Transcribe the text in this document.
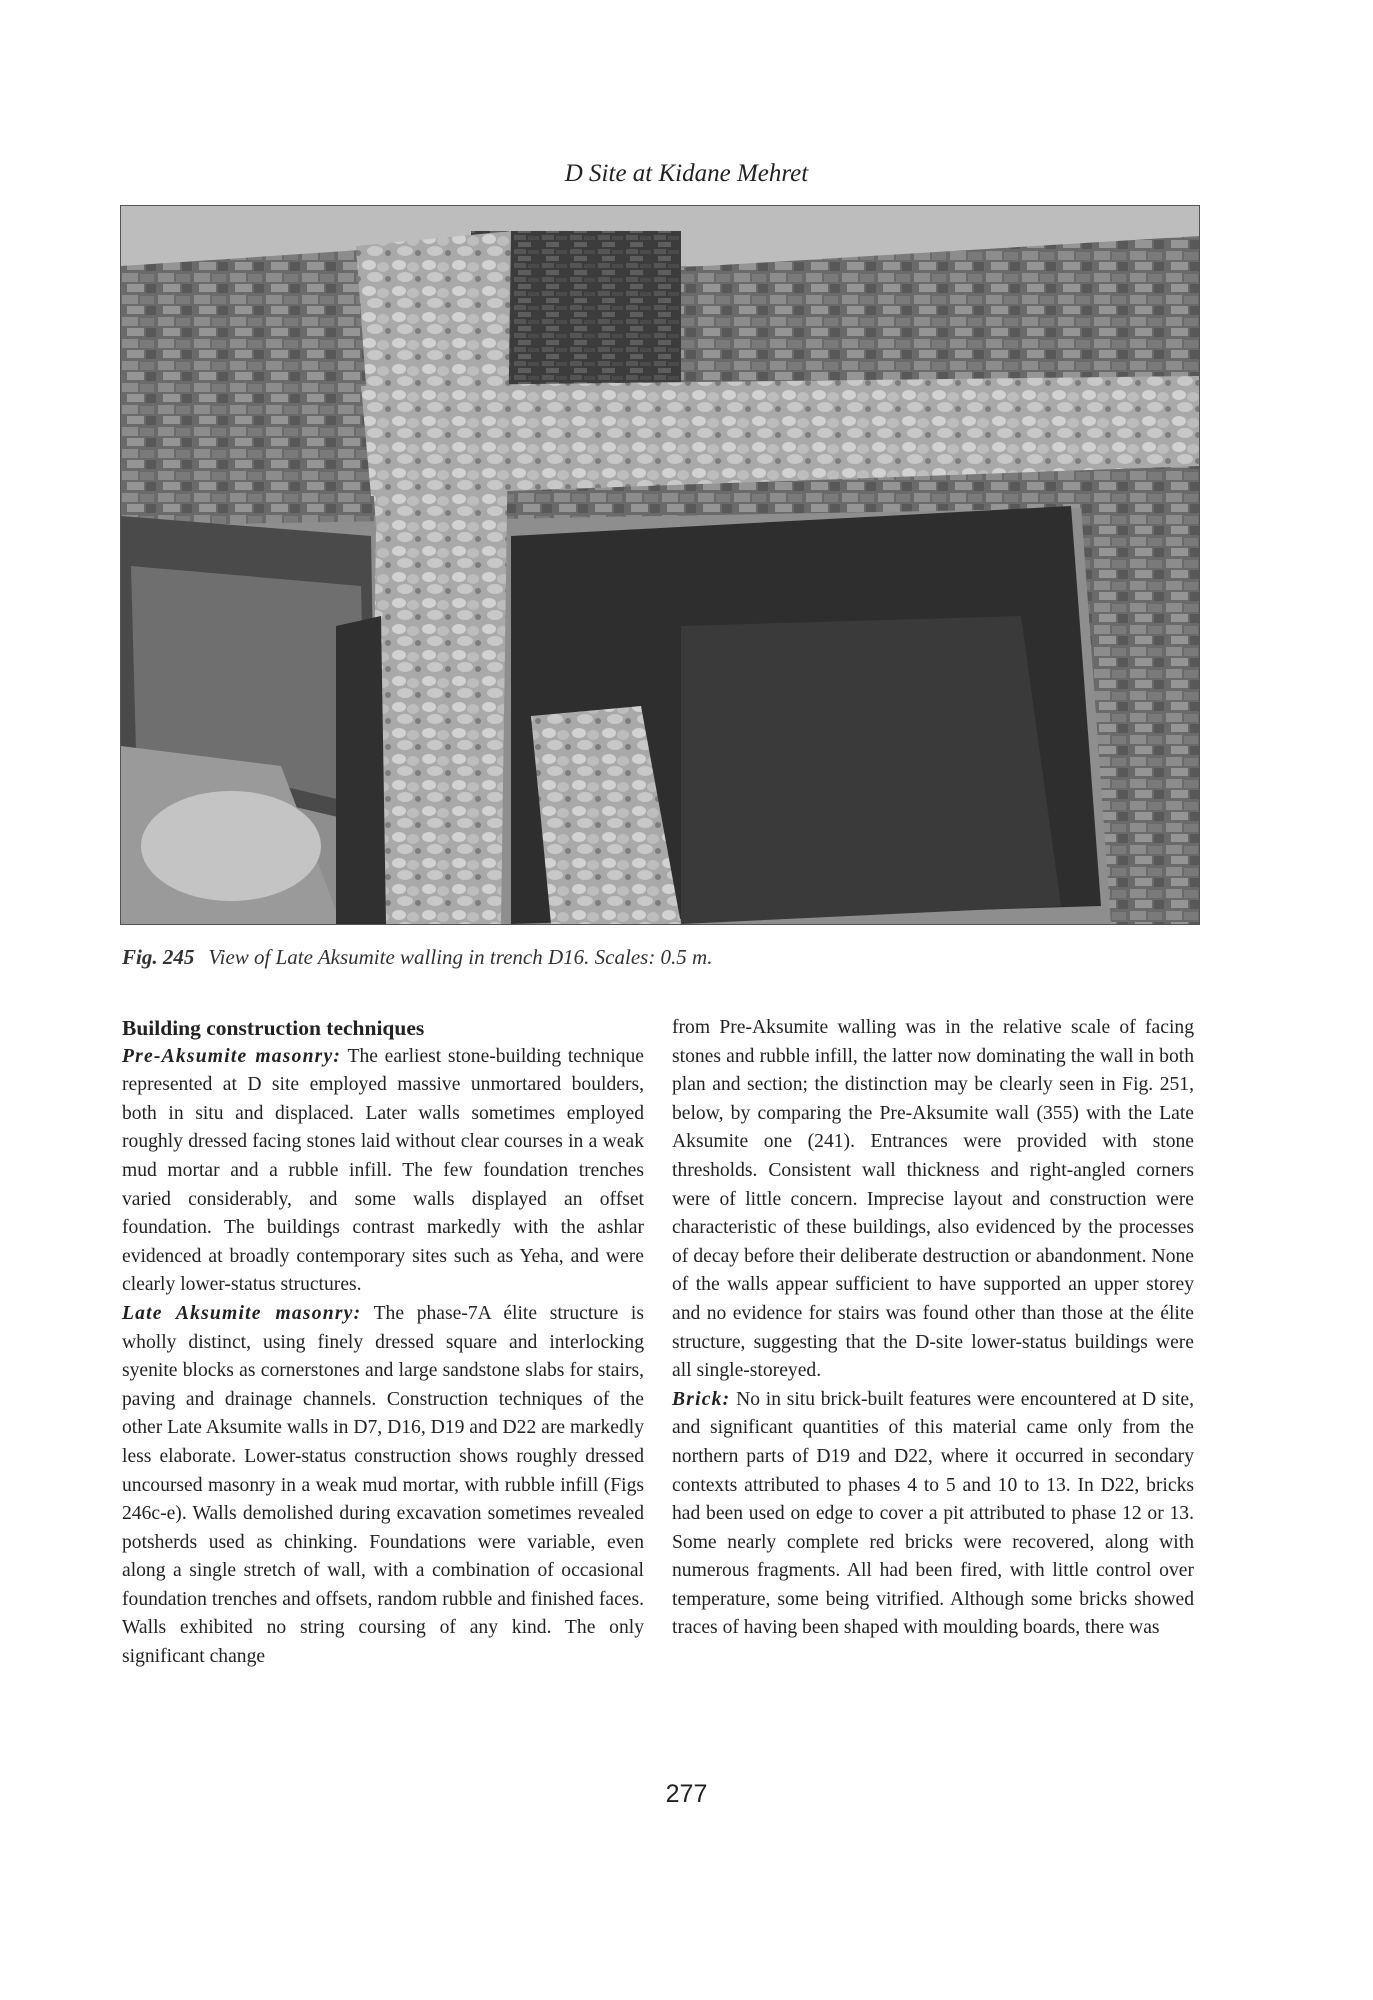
D Site at Kidane Mehret
Fig. 245 View of Late Aksumite walling in trench D16. Scales: 0.5 m.

Building construction techniques

Pre-Aksumite masonry: The earliest stone-building technique represented at D site employed massive unmortared boulders, both in situ and displaced. Later walls sometimes employed roughly dressed facing stones laid without clear courses in a weak mud mortar and a rubble infill. The few foundation trenches varied considerably, and some walls displayed an offset foundation. The buildings contrast markedly with the ashlar evidenced at broadly contemporary sites such as Yeha, and were clearly lower-status structures.

Late Aksumite masonry: The phase-7A élite structure is wholly distinct, using finely dressed square and interlocking syenite blocks as cornerstones and large sandstone slabs for stairs, paving and drainage channels. Construction techniques of the other Late Aksumite walls in D7, D16, D19 and D22 are markedly less elaborate. Lower-status construction shows roughly dressed uncoursed masonry in a weak mud mortar, with rubble infill (Figs 246c-e). Walls demolished during excavation sometimes revealed potsherds used as chinking. Foundations were variable, even along a single stretch of wall, with a combination of occasional foundation trenches and offsets, random rubble and finished faces. Walls exhibited no string coursing of any kind. The only significant change

from Pre-Aksumite walling was in the relative scale of facing stones and rubble infill, the latter now dominating the wall in both plan and section; the distinction may be clearly seen in Fig. 251, below, by comparing the Pre-Aksumite wall (355) with the Late Aksumite one (241). Entrances were provided with stone thresholds. Consistent wall thickness and right-angled corners were of little concern. Imprecise layout and construction were characteristic of these buildings, also evidenced by the processes of decay before their deliberate destruction or abandonment. None of the walls appear sufficient to have supported an upper storey and no evidence for stairs was found other than those at the élite structure, suggesting that the D-site lower-status buildings were all single-storeyed.

Brick: No in situ brick-built features were encountered at D site, and significant quantities of this material came only from the northern parts of D19 and D22, where it occurred in secondary contexts attributed to phases 4 to 5 and 10 to 13. In D22, bricks had been used on edge to cover a pit attributed to phase 12 or 13. Some nearly complete red bricks were recovered, along with numerous fragments. All had been fired, with little control over temperature, some being vitrified. Although some bricks showed traces of having been shaped with moulding boards, there was

277
